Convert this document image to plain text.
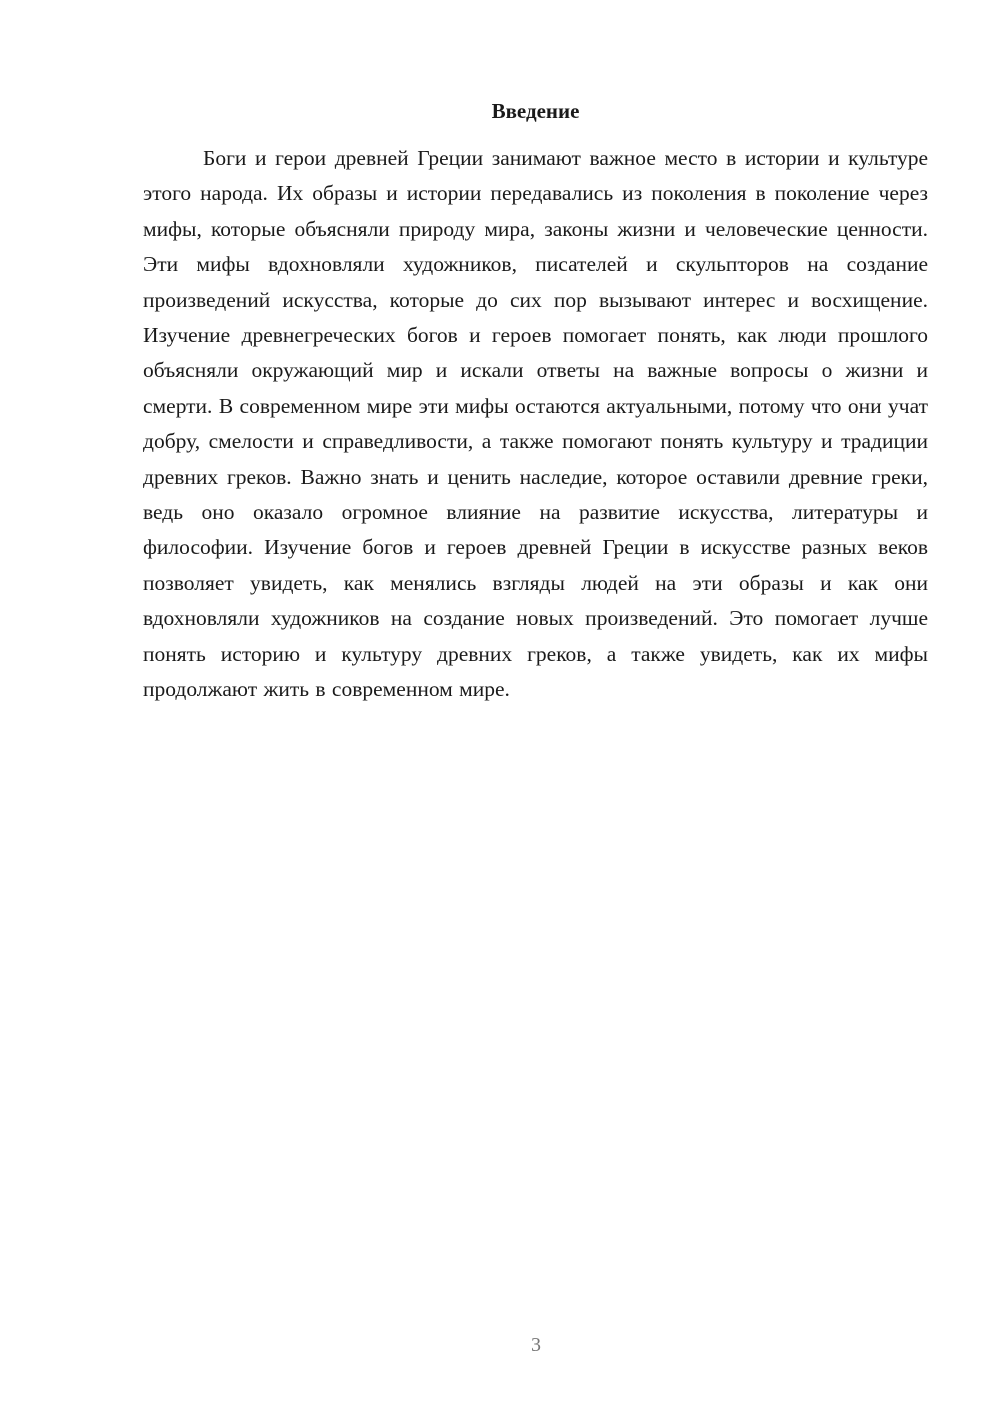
Введение

Боги и герои древней Греции занимают важное место в истории и культуре этого народа. Их образы и истории передавались из поколения в поколение через мифы, которые объясняли природу мира, законы жизни и человеческие ценности. Эти мифы вдохновляли художников, писателей и скульпторов на создание произведений искусства, которые до сих пор вызывают интерес и восхищение. Изучение древнегреческих богов и героев помогает понять, как люди прошлого объясняли окружающий мир и искали ответы на важные вопросы о жизни и смерти. В современном мире эти мифы остаются актуальными, потому что они учат добру, смелости и справедливости, а также помогают понять культуру и традиции древних греков. Важно знать и ценить наследие, которое оставили древние греки, ведь оно оказало огромное влияние на развитие искусства, литературы и философии. Изучение богов и героев древней Греции в искусстве разных веков позволяет увидеть, как менялись взгляды людей на эти образы и как они вдохновляли художников на создание новых произведений. Это помогает лучше понять историю и культуру древних греков, а также увидеть, как их мифы продолжают жить в современном мире.

3
